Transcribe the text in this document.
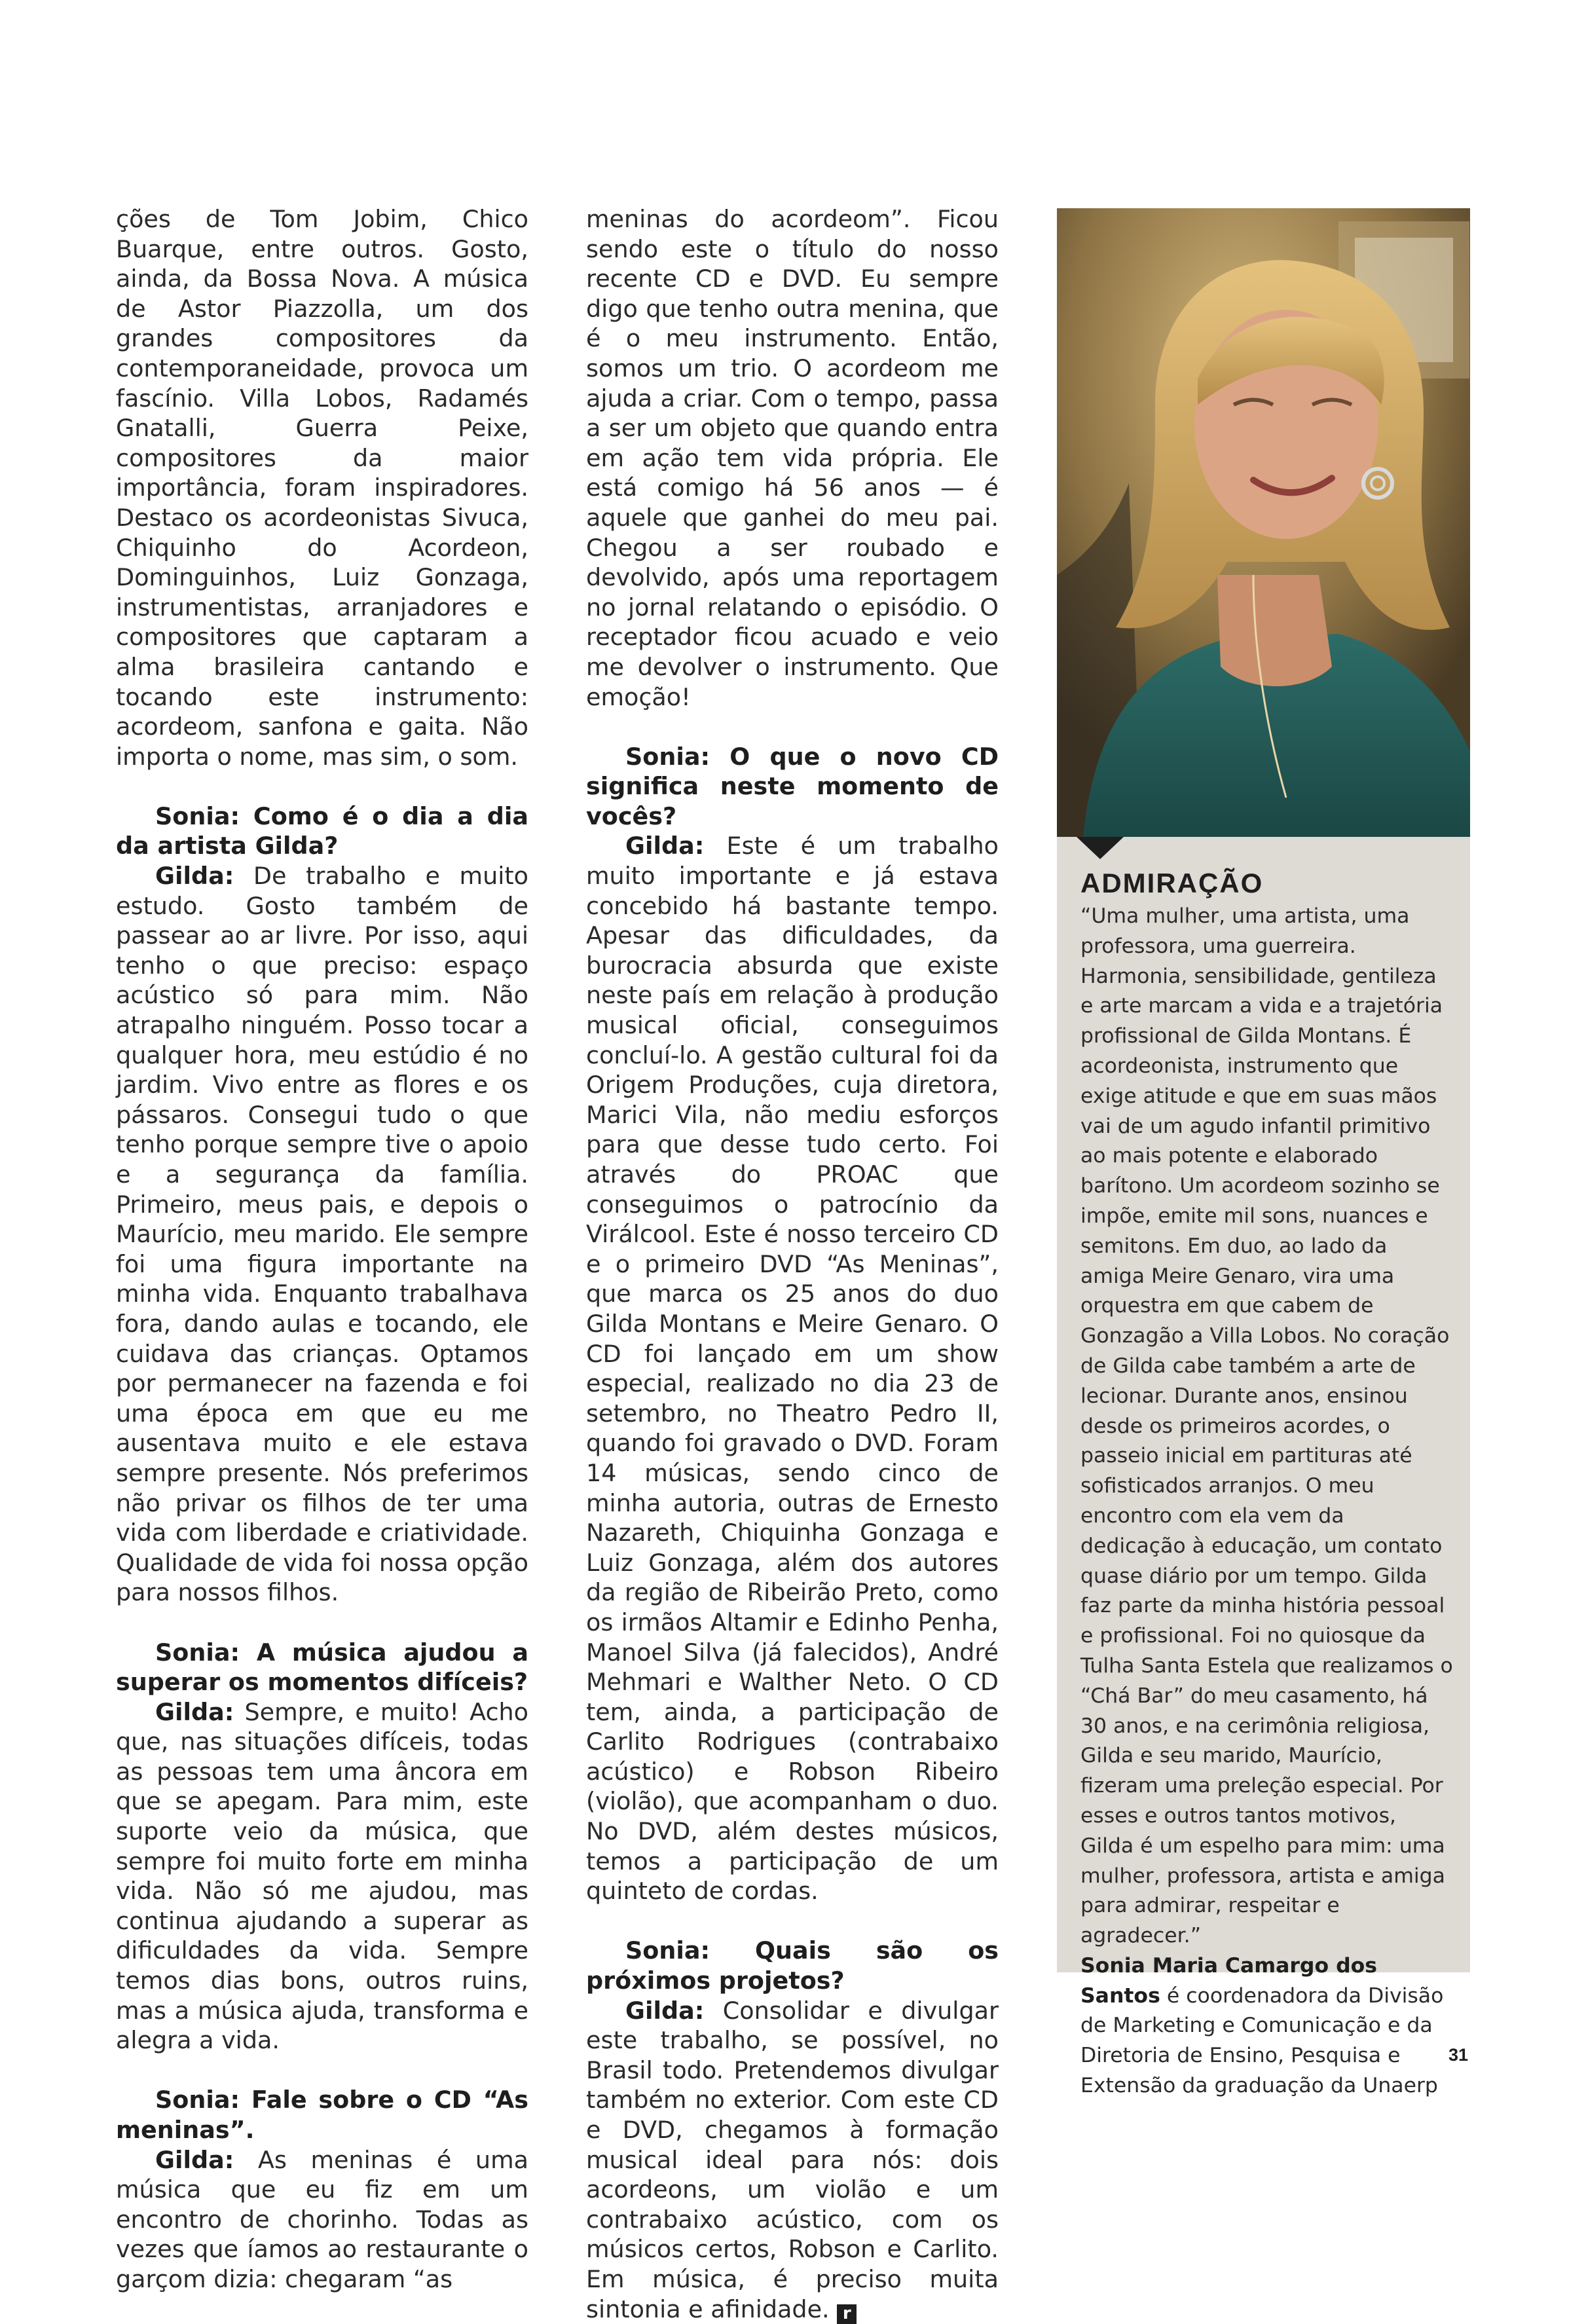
ções de Tom Jobim, Chico Buarque, entre outros. Gosto, ainda, da Bossa Nova. A música de Astor Piazzolla, um dos grandes compositores da contemporaneidade, provoca um fascínio. Villa Lobos, Radamés Gnatalli, Guerra Peixe, compositores da maior importância, foram inspiradores. Destaco os acordeonistas Sivuca, Chiquinho do Acordeon, Dominguinhos, Luiz Gonzaga, instrumentistas, arranjadores e compositores que captaram a alma brasileira cantando e tocando este instrumento: acordeom, sanfona e gaita. Não importa o nome, mas sim, o som.

Sonia: Como é o dia a dia da artista Gilda?

Gilda: De trabalho e muito estudo. Gosto também de passear ao ar livre. Por isso, aqui tenho o que preciso: espaço acústico só para mim. Não atrapalho ninguém. Posso tocar a qualquer hora, meu estúdio é no jardim. Vivo entre as flores e os pássaros. Consegui tudo o que tenho porque sempre tive o apoio e a segurança da família. Primeiro, meus pais, e depois o Maurício, meu marido. Ele sempre foi uma figura importante na minha vida. Enquanto trabalhava fora, dando aulas e tocando, ele cuidava das crianças. Optamos por permanecer na fazenda e foi uma época em que eu me ausentava muito e ele estava sempre presente. Nós preferimos não privar os filhos de ter uma vida com liberdade e criatividade. Qualidade de vida foi nossa opção para nossos filhos.

Sonia: A música ajudou a superar os momentos difíceis?

Gilda: Sempre, e muito! Acho que, nas situações difíceis, todas as pessoas tem uma âncora em que se apegam. Para mim, este suporte veio da música, que sempre foi muito forte em minha vida. Não só me ajudou, mas continua ajudando a superar as dificuldades da vida. Sempre temos dias bons, outros ruins, mas a música ajuda, transforma e alegra a vida.

Sonia: Fale sobre o CD “As meninas”.

Gilda: As meninas é uma música que eu fiz em um encontro de chorinho. Todas as vezes que íamos ao restaurante o garçom dizia: chegaram “as

meninas do acordeom”. Ficou sendo este o título do nosso recente CD e DVD. Eu sempre digo que tenho outra menina, que é o meu instrumento. Então, somos um trio. O acordeom me ajuda a criar. Com o tempo, passa a ser um objeto que quando entra em ação tem vida própria. Ele está comigo há 56 anos — é aquele que ganhei do meu pai. Chegou a ser roubado e devolvido, após uma reportagem no jornal relatando o episódio. O receptador ficou acuado e veio me devolver o instrumento. Que emoção!

Sonia: O que o novo CD significa neste momento de vocês?

Gilda: Este é um trabalho muito importante e já estava concebido há bastante tempo. Apesar das dificuldades, da burocracia absurda que existe neste país em relação à produção musical oficial, conseguimos concluí-lo. A gestão cultural foi da Origem Produções, cuja diretora, Marici Vila, não mediu esforços para que desse tudo certo. Foi através do PROAC que conseguimos o patrocínio da Virálcool. Este é nosso terceiro CD e o primeiro DVD “As Meninas”, que marca os 25 anos do duo Gilda Montans e Meire Genaro. O CD foi lançado em um show especial, realizado no dia 23 de setembro, no Theatro Pedro II, quando foi gravado o DVD. Foram 14 músicas, sendo cinco de minha autoria, outras de Ernesto Nazareth, Chiquinha Gonzaga e Luiz Gonzaga, além dos autores da região de Ribeirão Preto, como os irmãos Altamir e Edinho Penha, Manoel Silva (já falecidos), André Mehmari e Walther Neto. O CD tem, ainda, a participação de Carlito Rodrigues (contrabaixo acústico) e Robson Ribeiro (violão), que acompanham o duo. No DVD, além destes músicos, temos a participação de um quinteto de cordas.

Sonia: Quais são os próximos projetos?

Gilda: Consolidar e divulgar este trabalho, se possível, no Brasil todo. Pretendemos divulgar também no exterior. Com este CD e DVD, chegamos à formação musical ideal para nós: dois acordeons, um violão e um contrabaixo acústico, com os músicos certos, Robson e Carlito. Em música, é preciso muita sintonia e afinidade. r

ADMIRAÇÃO

“Uma mulher, uma artista, uma professora, uma guerreira. Harmonia, sensibilidade, gentileza e arte marcam a vida e a trajetória profissional de Gilda Montans. É acordeonista, instrumento que exige atitude e que em suas mãos vai de um agudo infantil primitivo ao mais potente e elaborado barítono. Um acordeom sozinho se impõe, emite mil sons, nuances e semitons. Em duo, ao lado da amiga Meire Genaro, vira uma orquestra em que cabem de Gonzagão a Villa Lobos. No coração de Gilda cabe também a arte de lecionar. Durante anos, ensinou desde os primeiros acordes, o passeio inicial em partituras até sofisticados arranjos. O meu encontro com ela vem da dedicação à educação, um contato quase diário por um tempo. Gilda faz parte da minha história pessoal e profissional. Foi no quiosque da Tulha Santa Estela que realizamos o “Chá Bar” do meu casamento, há 30 anos, e na cerimônia religiosa, Gilda e seu marido, Maurício, fizeram uma preleção especial. Por esses e outros tantos motivos, Gilda é um espelho para mim: uma mulher, professora, artista e amiga para admirar, respeitar e agradecer.”

Sonia Maria Camargo dos Santos é coordenadora da Divisão de Marketing e Comunicação e da Diretoria de Ensino, Pesquisa e Extensão da graduação da Unaerp

31
